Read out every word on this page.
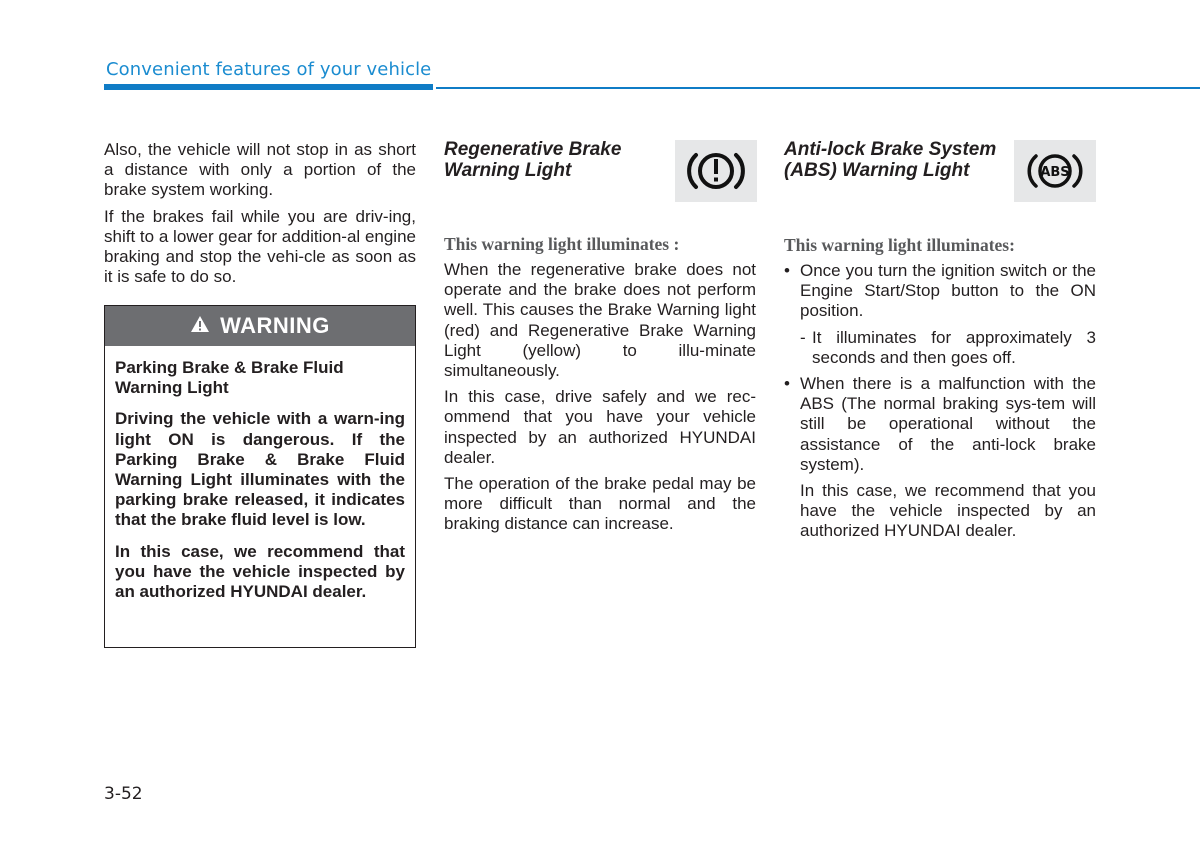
Convenient features of your vehicle

Also, the vehicle will not stop in as short a distance with only a portion of the brake system working.

If the brakes fail while you are driv-ing, shift to a lower gear for addition-al engine braking and stop the vehi-cle as soon as it is safe to do so.

WARNING

Parking Brake & Brake Fluid Warning Light

Driving the vehicle with a warn-ing light ON is dangerous. If the Parking Brake & Brake Fluid Warning Light illuminates with the parking brake released, it indicates that the brake fluid level is low.

In this case, we recommend that you have the vehicle inspected by an authorized HYUNDAI dealer.

Regenerative Brake
Warning Light
This warning light illuminates :

When the regenerative brake does not operate and the brake does not perform well. This causes the Brake Warning light (red) and Regenerative Brake Warning Light (yellow) to illu-minate simultaneously.

In this case, drive safely and we rec-ommend that you have your vehicle inspected by an authorized HYUNDAI dealer.

The operation of the brake pedal may be more difficult than normal and the braking distance can increase.

Anti-lock Brake System
(ABS) Warning Light	ABS
This warning light illuminates:
• Once you turn the ignition switch or the Engine Start/Stop button to the ON position.
- It illuminates for approximately 3 seconds and then goes off.
• When there is a malfunction with the ABS (The normal braking sys-tem will still be operational without the assistance of the anti-lock brake system).
In this case, we recommend that you have the vehicle inspected by an authorized HYUNDAI dealer.
3-52
